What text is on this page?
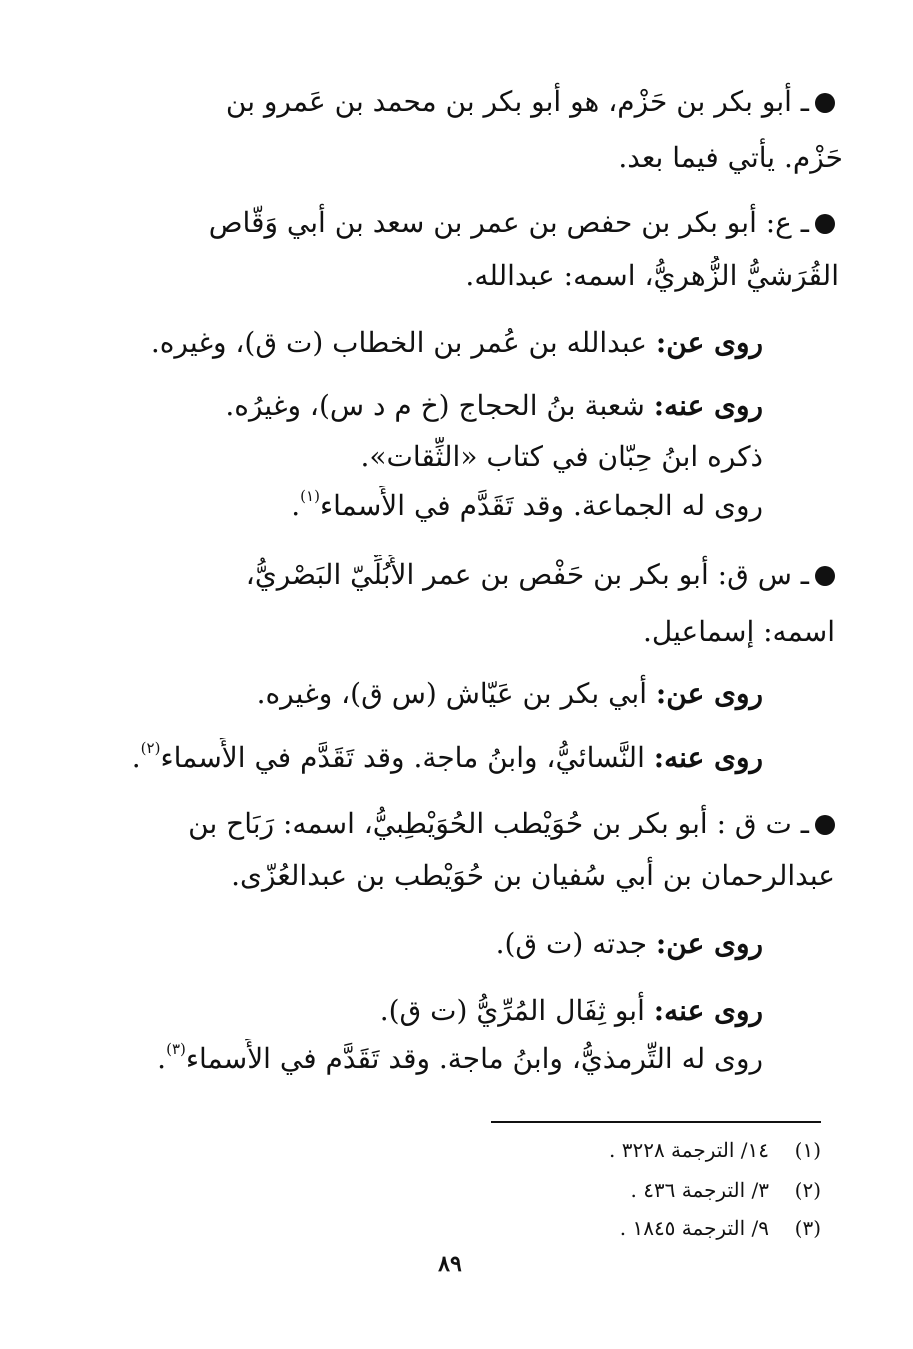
ـ أبو بكر بن حَزْم، هو أبو بكر بن محمد بن عَمرو بن
حَزْم. يأتي فيما بعد.
ـ ع: أبو بكر بن حفص بن عمر بن سعد بن أبي وَقّاص
القُرَشيُّ الزُّهريُّ، اسمه: عبدالله.
روى عن: عبدالله بن عُمر بن الخطاب (ت ق)، وغيره.
روى عنه: شعبة بنُ الحجاج (خ م د س)، وغيرُه.
ذكره ابنُ حِبّان في كتاب «الثِّقات».
روى له الجماعة. وقد تَقَدَّم في الأَسماء$^{(١)}$.
ـ س ق: أبو بكر بن حَفْص بن عمر الأُبُلِّيّ البَصْريُّ،
اسمه: إسماعيل.
روى عن: أبي بكر بن عَيّاش (س ق)، وغيره.
روى عنه: النَّسائيُّ، وابنُ ماجة. وقد تَقَدَّم في الأَسماء$^{(٢)}$.
ـ ت ق : أبو بكر بن حُوَيْطب الحُوَيْطِبيُّ، اسمه: رَبَاح بن
عبدالرحمان بن أبي سُفيان بن حُوَيْطب بن عبدالعُزّى.
روى عن: جدته (ت ق).
روى عنه: أبو ثِفَال المُرِّيُّ (ت ق).
روى له التِّرمذيُّ، وابنُ ماجة. وقد تَقَدَّم في الأَسماء$^{(٣)}$.
(١)١٤/ الترجمة ٣٢٢٨ .
(٢)٣/ الترجمة ٤٣٦ .
(٣)٩/ الترجمة ١٨٤٥ .
٨٩
